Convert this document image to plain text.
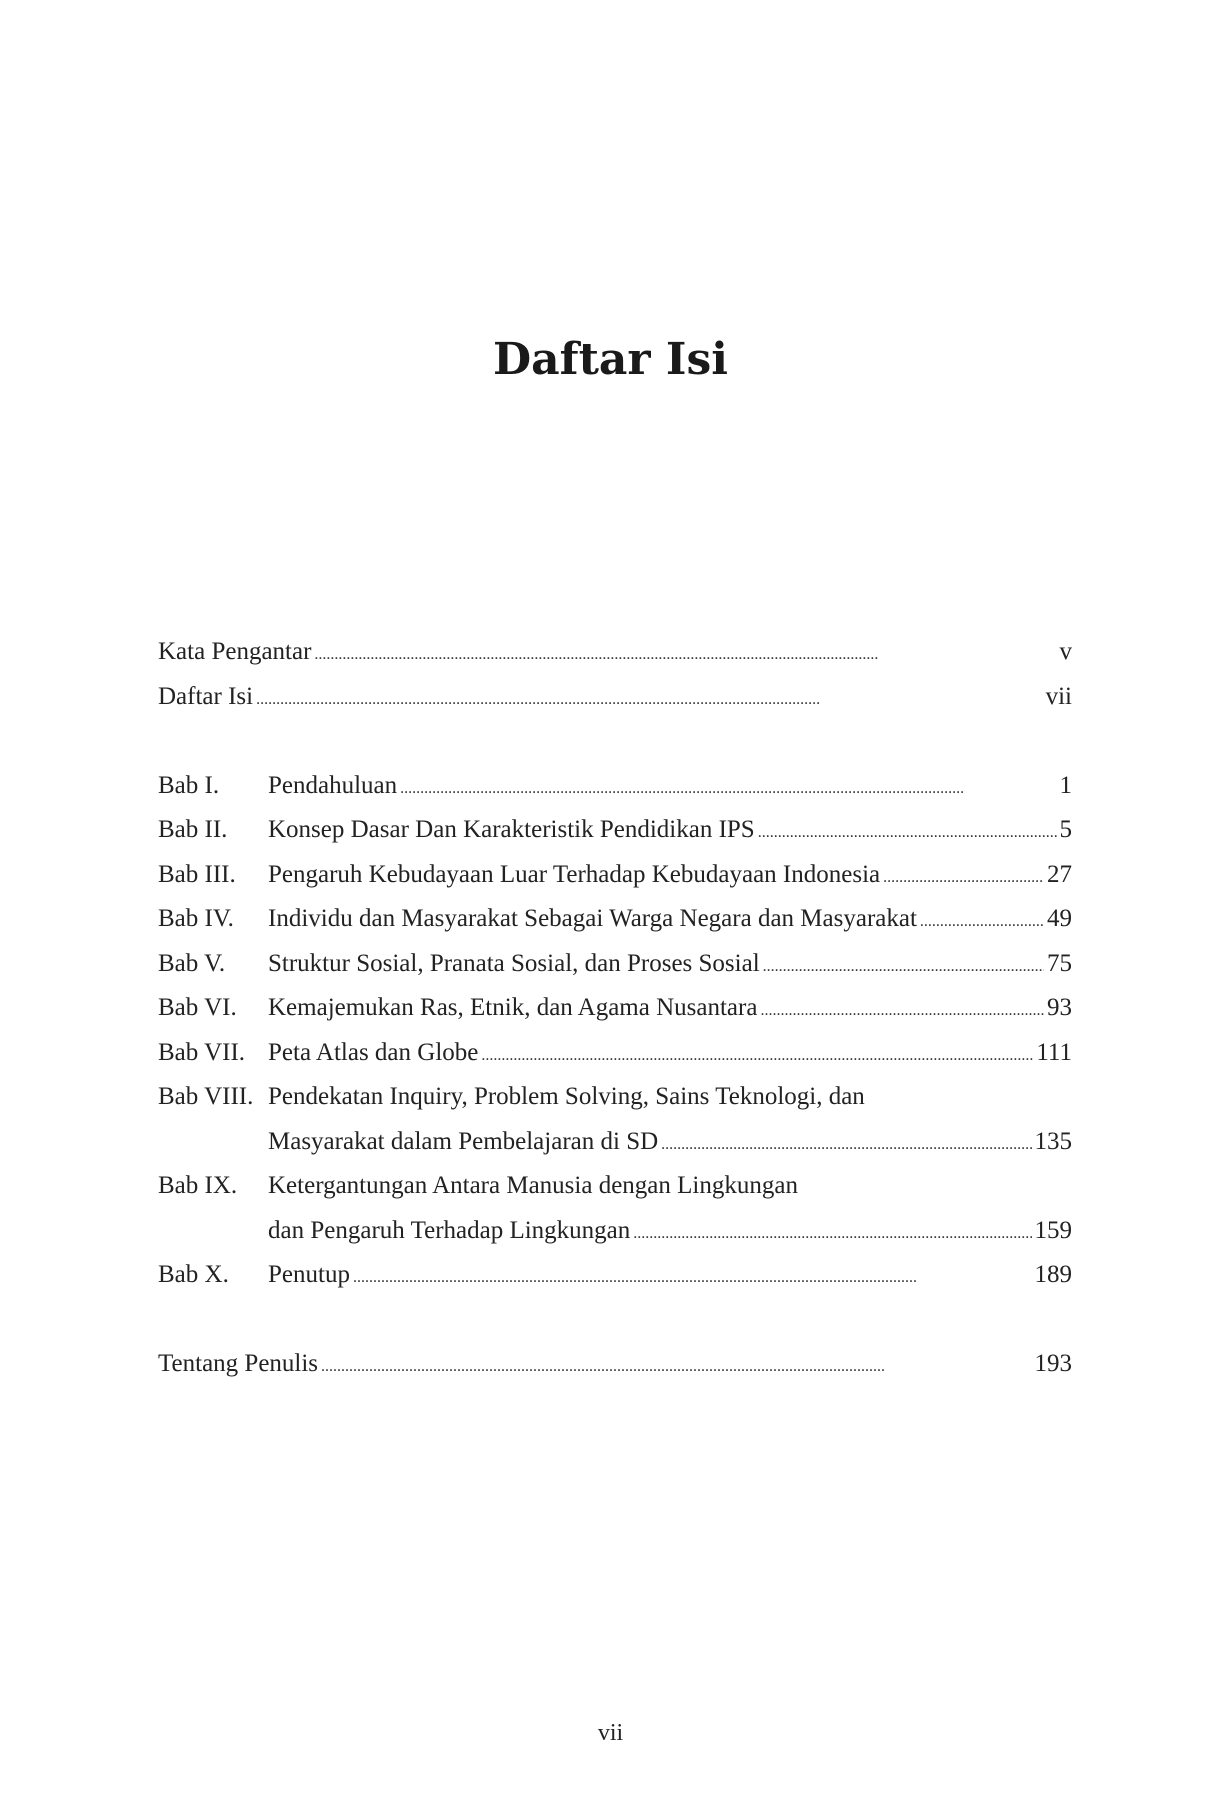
Daftar Isi
Kata Pengantar . . .	v
Daftar Isi . . .	vii
Bab I.	Pendahuluan . . .	1
Bab II.	Konsep Dasar Dan Karakteristik Pendidikan IPS . . .	5
Bab III.	Pengaruh Kebudayaan Luar Terhadap Kebudayaan Indonesia . . .	27
Bab IV.	Individu dan Masyarakat Sebagai Warga Negara dan Masyarakat . . .	49
Bab V.	Struktur Sosial, Pranata Sosial, dan Proses Sosial . . .	75
Bab VI.	Kemajemukan Ras, Etnik, dan Agama Nusantara . . .	93
Bab VII. Peta Atlas dan Globe . . .	111
Bab VIII. Pendekatan Inquiry, Problem Solving, Sains Teknologi, dan
Masyarakat dalam Pembelajaran di SD . . .	135
Bab IX.	Ketergantungan Antara Manusia dengan Lingkungan
dan Pengaruh Terhadap Lingkungan . . .	159
Bab X.	Penutup . . .	189
Tentang Penulis . . .	193
vii
